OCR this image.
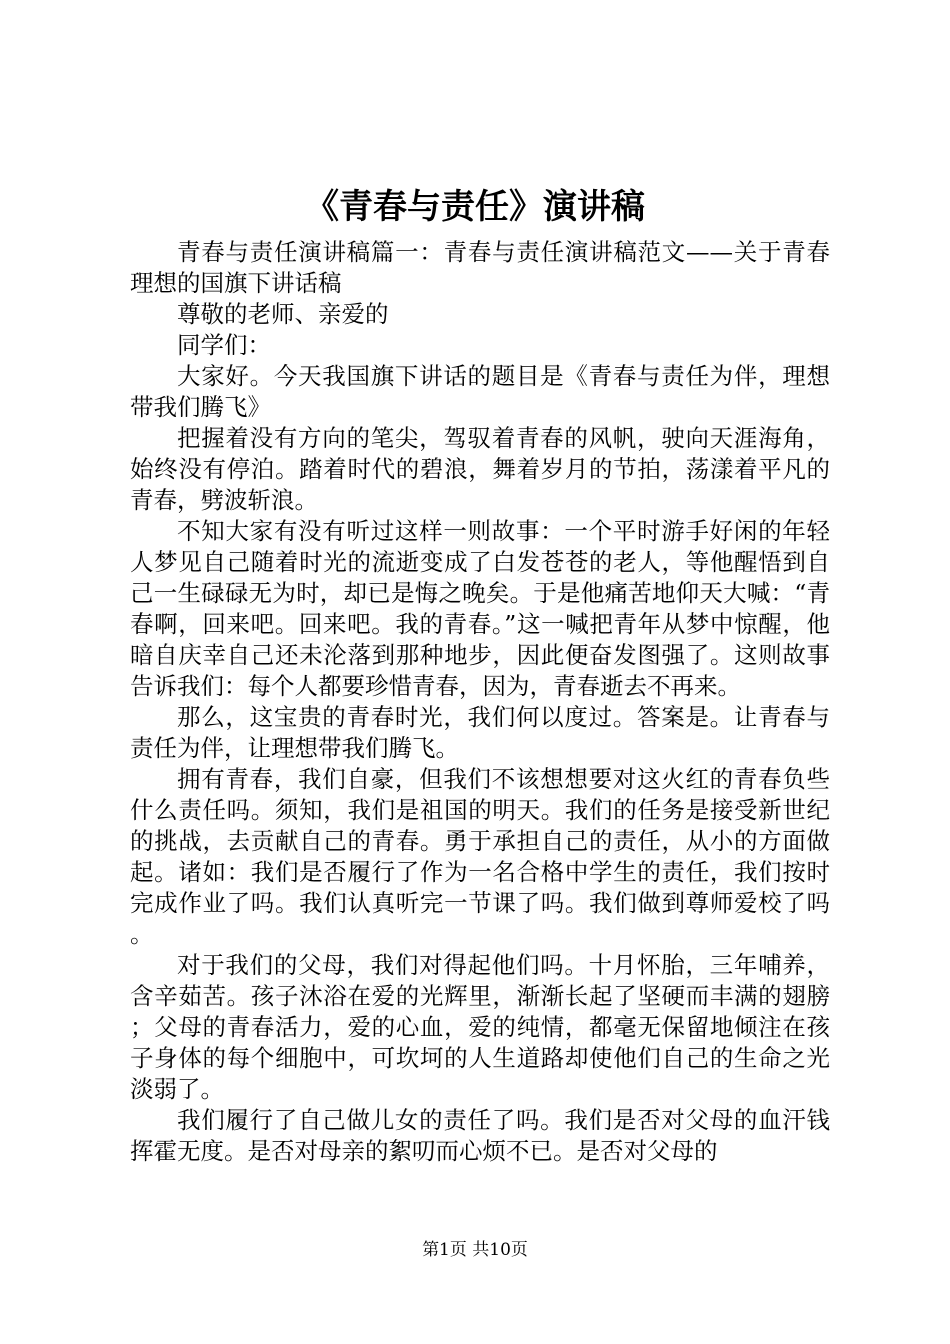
《青春与责任》演讲稿

青春与责任演讲稿篇一：青春与责任演讲稿范文——关于青春理想的国旗下讲话稿

尊敬的老师、亲爱的

同学们：

大家好。今天我国旗下讲话的题目是《青春与责任为伴，理想带我们腾飞》

把握着没有方向的笔尖，驾驭着青春的风帆，驶向天涯海角，始终没有停泊。踏着时代的碧浪，舞着岁月的节拍，荡漾着平凡的青春，劈波斩浪。

不知大家有没有听过这样一则故事：一个平时游手好闲的年轻人梦见自己随着时光的流逝变成了白发苍苍的老人，等他醒悟到自己一生碌碌无为时，却已是悔之晚矣。于是他痛苦地仰天大喊：“青春啊，回来吧。回来吧。我的青春。”这一喊把青年从梦中惊醒，他暗自庆幸自己还未沦落到那种地步，因此便奋发图强了。这则故事告诉我们：每个人都要珍惜青春，因为，青春逝去不再来。

那么，这宝贵的青春时光，我们何以度过。答案是。让青春与责任为伴，让理想带我们腾飞。

拥有青春，我们自豪，但我们不该想想要对这火红的青春负些什么责任吗。须知，我们是祖国的明天。我们的任务是接受新世纪的挑战，去贡献自己的青春。勇于承担自己的责任，从小的方面做起。诸如：我们是否履行了作为一名合格中学生的责任，我们按时完成作业了吗。我们认真听完一节课了吗。我们做到尊师爱校了吗。

对于我们的父母，我们对得起他们吗。十月怀胎，三年哺养，含辛茹苦。孩子沐浴在爱的光辉里，渐渐长起了坚硬而丰满的翅膀；父母的青春活力，爱的心血，爱的纯情，都毫无保留地倾注在孩子身体的每个细胞中，可坎坷的人生道路却使他们自己的生命之光淡弱了。

我们履行了自己做儿女的责任了吗。我们是否对父母的血汗钱挥霍无度。是否对母亲的絮叨而心烦不已。是否对父母的

第1页 共10页
